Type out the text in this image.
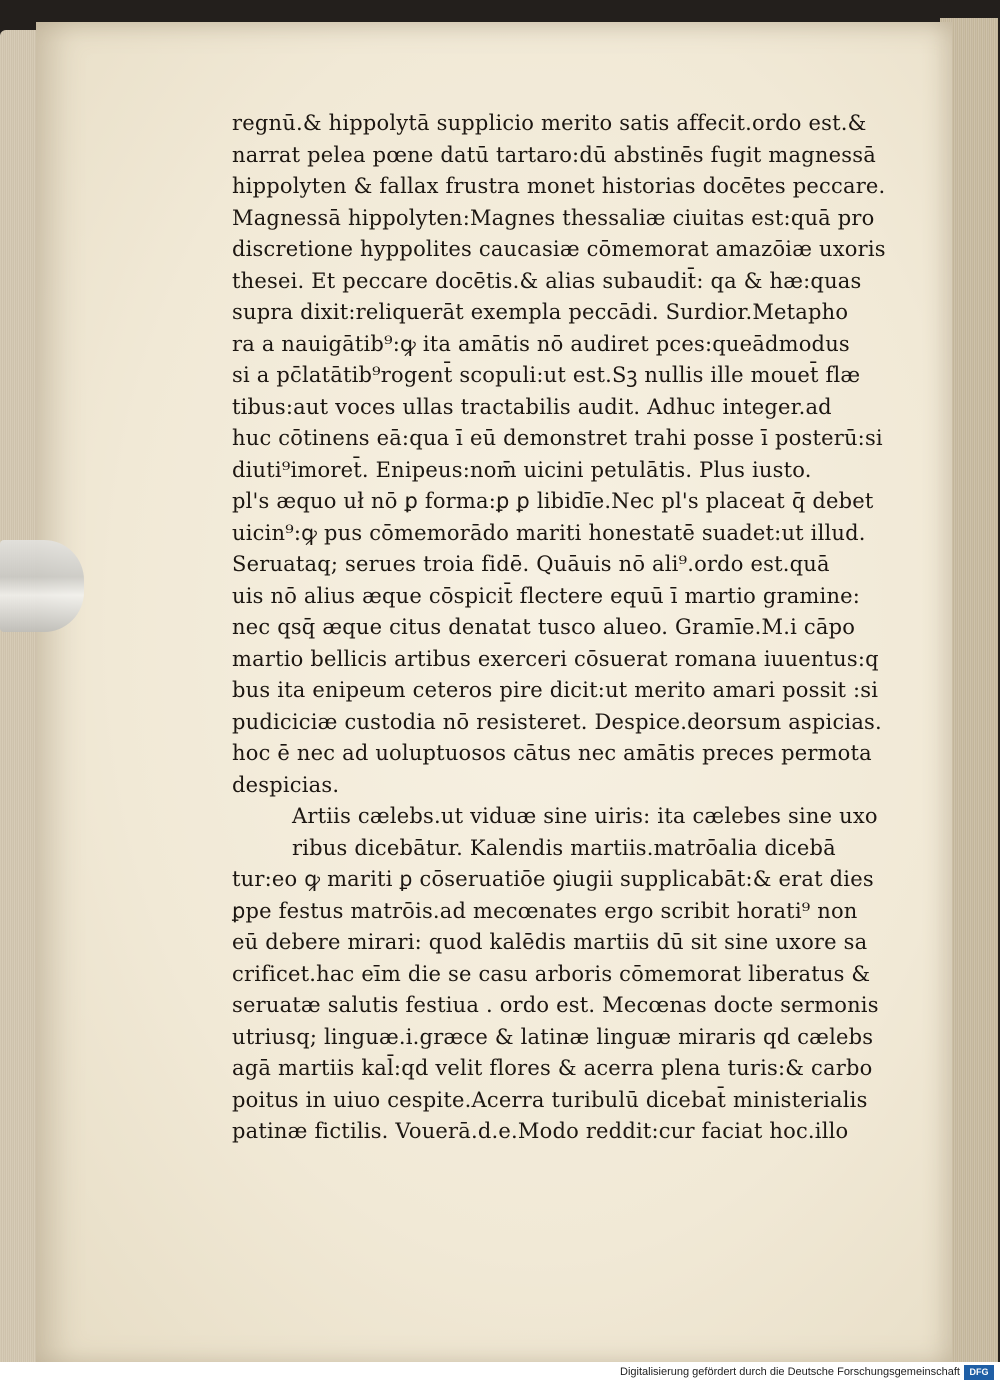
regnū.& hippolytā supplicio merito satis affecit.ordo est.&
narrat pelea pœne datū tartaro:dū abstinēs fugit magnessā
hippolyten & fallax frustra monet historias docētes peccare.
Magnessā hippolyten:Magnes thessaliæ ciuitas est:quā pro
discretione hyppolites caucasiæ cōmemorat amazōiæ uxoris
thesei. Et peccare docētis.& alias subaudit̄: qa & hæ:quas
supra dixit:reliquerāt exempla peccādi. Surdior.Metapho
ra a nauigātib⁹:ꝙ ita amātis nō audiret pces:queādmodus
si a pc̄latātib⁹rogent̄ scopuli:ut est.Sꝫ nullis ille mouet̄ flæ
tibus:aut voces ullas tractabilis audit. Adhuc integer.ad
huc cōtinens eā:qua ī eū demonstret trahi posse ī posterū:si
diuti⁹imoret̄. Enipeus:nom̄ uicini petulātis. Plus iusto.
pl's æquo uł nō ꝑ forma:ꝑ ꝑ libidīe.Nec pl's placeat q̄ debet
uicin⁹:ꝙ pus cōmemorādo mariti honestatē suadet:ut illud.
Seruataq; serues troia fidē. Quāuis nō ali⁹.ordo est.quā
uis nō alius æque cōspicit̄ flectere equū ī martio gramine:
nec qsq̄ æque citus denatat tusco alueo. Gramīe.M.i cāpo
martio bellicis artibus exerceri cōsuerat romana iuuentus:q
bus ita enipeum ceteros pire dicit:ut merito amari possit :si
pudiciciæ custodia nō resisteret. Despice.deorsum aspicias.
hoc ē nec ad uoluptuosos cātus nec amātis preces permota
despicias.
Artiis cælebs.ut viduæ sine uiris: ita cælebes sine uxo
ribus dicebātur. Kalendis martiis.matrōalia dicebā
tur:eo ꝙ mariti ꝑ cōseruatiōe ꝯiugii supplicabāt:& erat dies
ꝑpe festus matrōis.ad mecœnates ergo scribit horati⁹ non
eū debere mirari: quod kalēdis martiis dū sit sine uxore sa
crificet.hac eīm die se casu arboris cōmemorat liberatus &
seruatæ salutis festiua . ordo est. Mecœnas docte sermonis
utriusq; linguæ.i.græce & latinæ linguæ miraris qd cælebs
agā martiis kal̄:qd velit flores & acerra plena turis:& carbo
poitus in uiuo cespite.Acerra turibulū dicebat̄ ministerialis
patinæ fictilis. Vouerā.d.e.Modo reddit:cur faciat hoc.illo
Digitalisierung gefördert durch die Deutsche Forschungsgemeinschaft	DFG
